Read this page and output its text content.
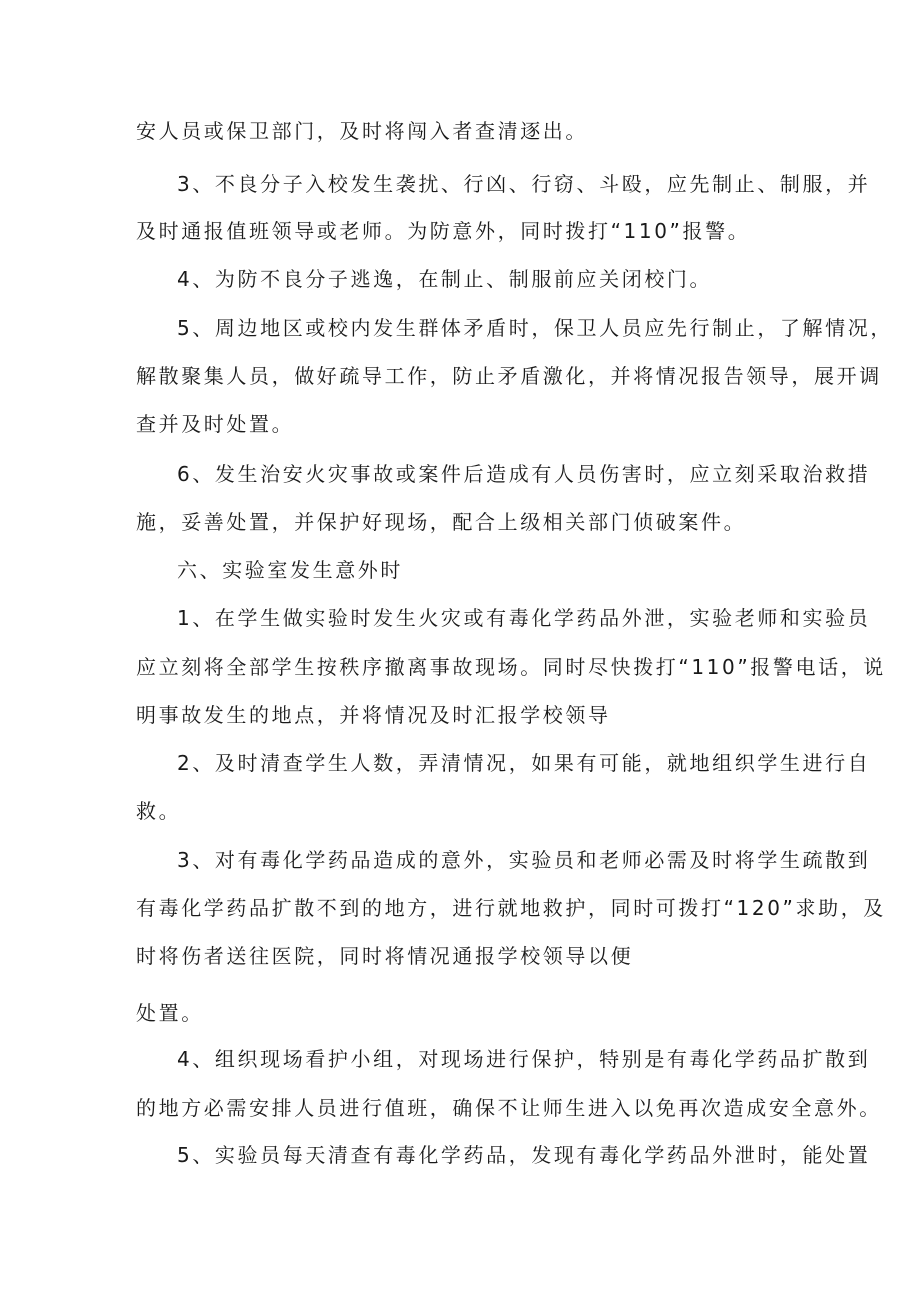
安人员或保卫部门，及时将闯入者查清逐出。
3、不良分子入校发生袭扰、行凶、行窃、斗殴，应先制止、制服，并
及时通报值班领导或老师。为防意外，同时拨打“110”报警。
4、为防不良分子逃逸，在制止、制服前应关闭校门。
5、周边地区或校内发生群体矛盾时，保卫人员应先行制止，了解情况，
解散聚集人员，做好疏导工作，防止矛盾激化，并将情况报告领导，展开调
查并及时处置。
6、发生治安火灾事故或案件后造成有人员伤害时，应立刻采取治救措
施，妥善处置，并保护好现场，配合上级相关部门侦破案件。
六、实验室发生意外时
1、在学生做实验时发生火灾或有毒化学药品外泄，实验老师和实验员
应立刻将全部学生按秩序撤离事故现场。同时尽快拨打“110”报警电话，说
明事故发生的地点，并将情况及时汇报学校领导
2、及时清查学生人数，弄清情况，如果有可能，就地组织学生进行自
救。
3、对有毒化学药品造成的意外，实验员和老师必需及时将学生疏散到
有毒化学药品扩散不到的地方，进行就地救护，同时可拨打“120”求助，及
时将伤者送往医院，同时将情况通报学校领导以便
处置。
4、组织现场看护小组，对现场进行保护，特别是有毒化学药品扩散到
的地方必需安排人员进行值班，确保不让师生进入以免再次造成安全意外。
5、实验员每天清查有毒化学药品，发现有毒化学药品外泄时，能处置
